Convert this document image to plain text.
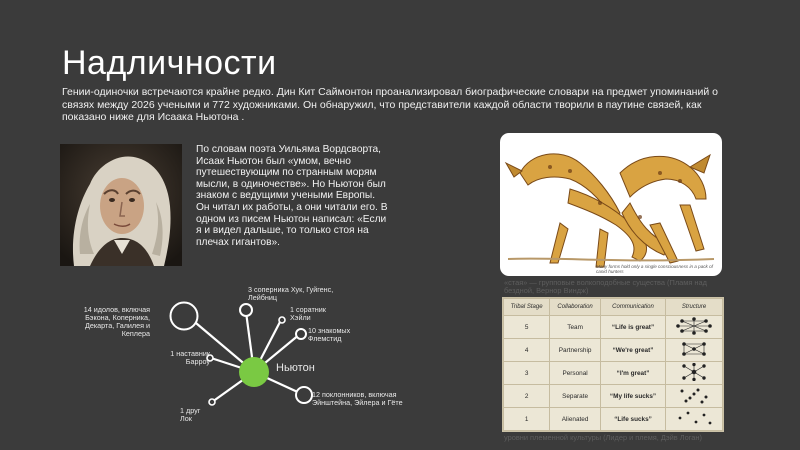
Надличности
Гении-одиночки встречаются крайне редко. Дин Кит Саймонтон проанализировал биографические словари на предмет упоминаний о связях между 2026 учеными и 772 художниками. Он обнаружил, что представители каждой области творили в паутине связей, как показано ниже для Исаака Ньютона .
По словам поэта Уильяма Вордсворта, Исаак Ньютон был «умом, вечно путешествующим по странным морям мысли, в одиночестве». Но Ньютон был знаком с ведущими учеными Европы. Он читал их работы, а они читали его. В одном из писем Ньютон написал: «Если я и видел дальше, то только стоя на плечах гигантов».
Ньютон
14 идолов, включая Бэкона, Коперника, Декарта, Галилея и Кеплера
3 соперника Хук, Гуйгенс, Лейбниц
1 соратник Хэйли
10 знакомых Флемстид
1 наставник Барроу
12 поклонников, включая Эйнштейна, Эйлера и Гёте
1 друг Лок
Many forms hold only a single consciousness in a pack of canid hunters
«стая» — групповые волкоподобные существа (Пламя над бездной, Вернор Виндж)
Tribal Stage	Collaboration	Communication	Structure
5	Team	“Life is great”	
4	Partnership	“We're great”	
3	Personal	“I'm great”	
2	Separate	“My life sucks”	
1	Alienated	“Life sucks”	
уровни племенной культуры (Лидер и племя, Дэйв Логан)
